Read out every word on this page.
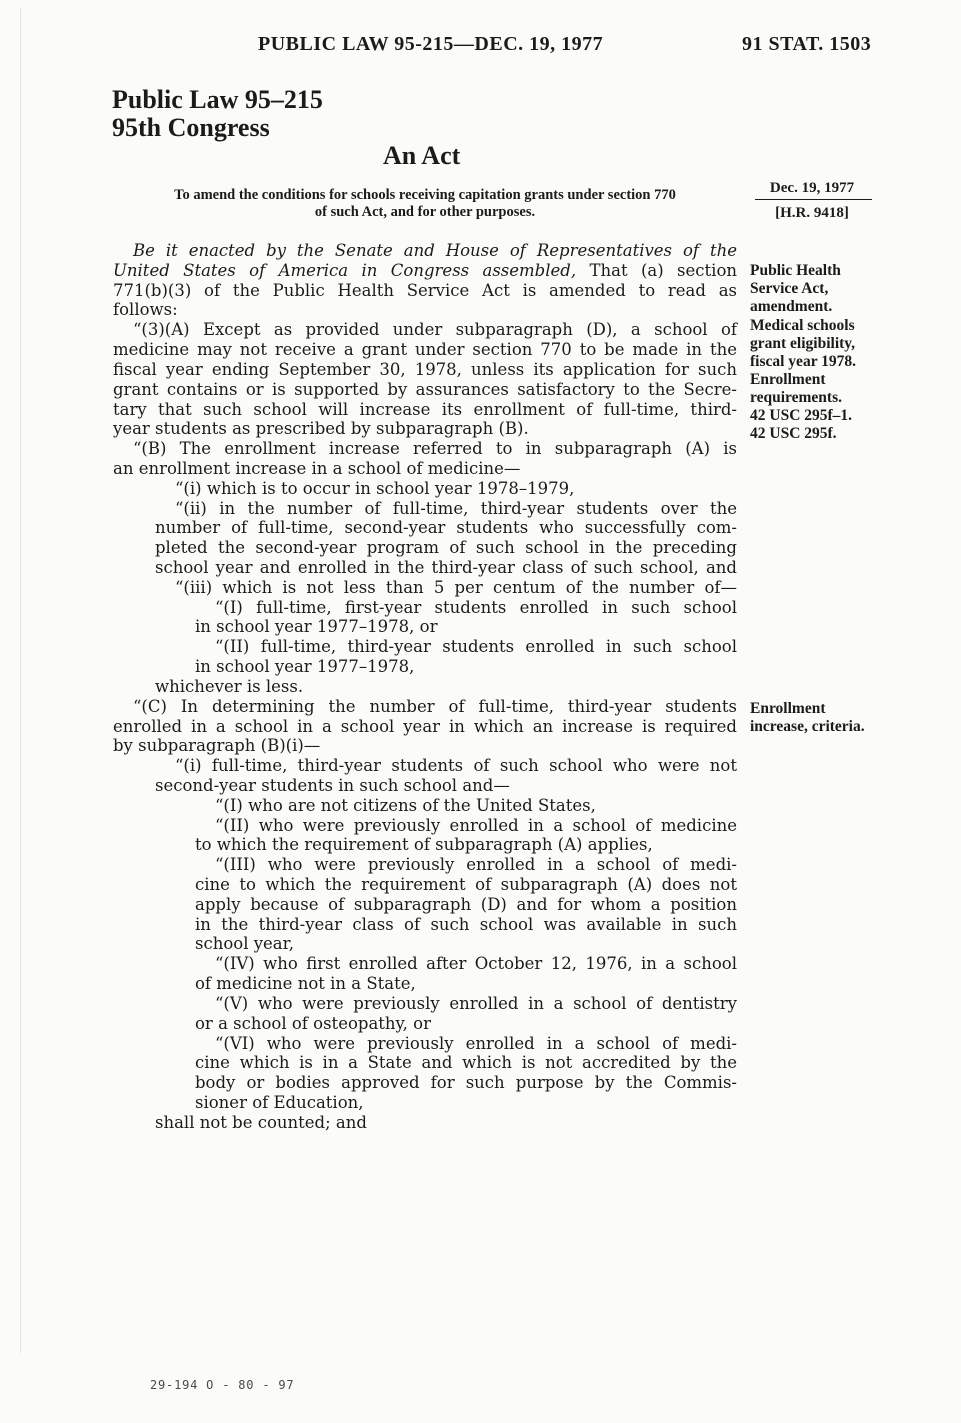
PUBLIC LAW 95-215—DEC. 19, 1977	91 STAT. 1503
Public Law 95–215
95th Congress
An Act
To amend the conditions for schools receiving capitation grants under section 770
of such Act, and for other purposes.
Dec. 19, 1977
[H.R. 9418]
Public Health
Service Act,
amendment.
Medical schools
grant eligibility,
fiscal year 1978.
Enrollment
requirements.
42 USC 295f–1.
42 USC 295f.
Enrollment
increase, criteria.
Be it enacted by the Senate and House of Representatives of the
United States of America in Congress assembled, That (a) section
771(b)(3) of the Public Health Service Act is amended to read as
follows:
“(3)(A) Except as provided under subparagraph (D), a school of
medicine may not receive a grant under section 770 to be made in the
fiscal year ending September 30, 1978, unless its application for such
grant contains or is supported by assurances satisfactory to the Secre-
tary that such school will increase its enrollment of full-time, third-
year students as prescribed by subparagraph (B).
“(B) The enrollment increase referred to in subparagraph (A) is
an enrollment increase in a school of medicine—
“(i) which is to occur in school year 1978–1979,
“(ii) in the number of full-time, third-year students over the
number of full-time, second-year students who successfully com-
pleted the second-year program of such school in the preceding
school year and enrolled in the third-year class of such school, and
“(iii) which is not less than 5 per centum of the number of—
“(I) full-time, first-year students enrolled in such school
in school year 1977–1978, or
“(II) full-time, third-year students enrolled in such school
in school year 1977–1978,
whichever is less.
“(C) In determining the number of full-time, third-year students
enrolled in a school in a school year in which an increase is required
by subparagraph (B)(i)—
“(i) full-time, third-year students of such school who were not
second-year students in such school and—
“(I) who are not citizens of the United States,
“(II) who were previously enrolled in a school of medicine
to which the requirement of subparagraph (A) applies,
“(III) who were previously enrolled in a school of medi-
cine to which the requirement of subparagraph (A) does not
apply because of subparagraph (D) and for whom a position
in the third-year class of such school was available in such
school year,
“(IV) who first enrolled after October 12, 1976, in a school
of medicine not in a State,
“(V) who were previously enrolled in a school of dentistry
or a school of osteopathy, or
“(VI) who were previously enrolled in a school of medi-
cine which is in a State and which is not accredited by the
body or bodies approved for such purpose by the Commis-
sioner of Education,
shall not be counted; and
29-194 O - 80 - 97
